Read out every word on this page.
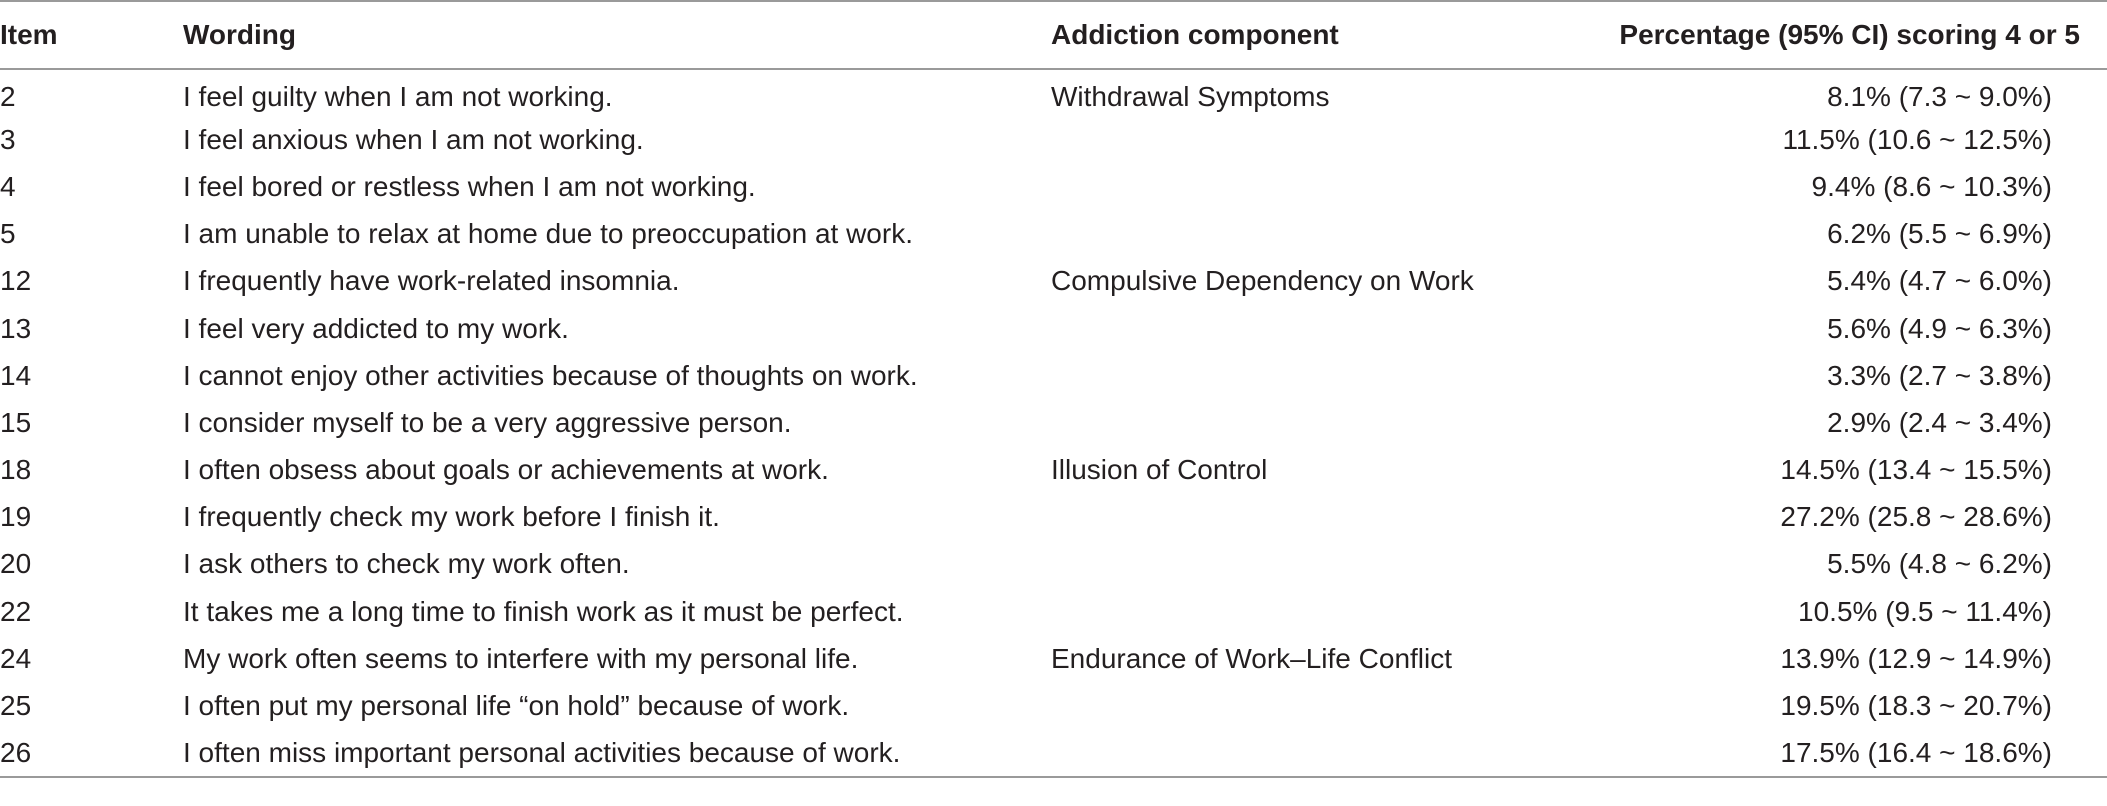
Item	Wording	Addiction component	Percentage (95% CI) scoring 4 or 5
2	I feel guilty when I am not working.	Withdrawal Symptoms	8.1% (7.3 ~ 9.0%)
3	I feel anxious when I am not working.		11.5% (10.6 ~ 12.5%)
4	I feel bored or restless when I am not working.		9.4% (8.6 ~ 10.3%)
5	I am unable to relax at home due to preoccupation at work.		6.2% (5.5 ~ 6.9%)
12	I frequently have work-related insomnia.	Compulsive Dependency on Work	5.4% (4.7 ~ 6.0%)
13	I feel very addicted to my work.		5.6% (4.9 ~ 6.3%)
14	I cannot enjoy other activities because of thoughts on work.		3.3% (2.7 ~ 3.8%)
15	I consider myself to be a very aggressive person.		2.9% (2.4 ~ 3.4%)
18	I often obsess about goals or achievements at work.	Illusion of Control	14.5% (13.4 ~ 15.5%)
19	I frequently check my work before I finish it.		27.2% (25.8 ~ 28.6%)
20	I ask others to check my work often.		5.5% (4.8 ~ 6.2%)
22	It takes me a long time to finish work as it must be perfect.		10.5% (9.5 ~ 11.4%)
24	My work often seems to interfere with my personal life.	Endurance of Work–Life Conflict	13.9% (12.9 ~ 14.9%)
25	I often put my personal life “on hold” because of work.		19.5% (18.3 ~ 20.7%)
26	I often miss important personal activities because of work.		17.5% (16.4 ~ 18.6%)
